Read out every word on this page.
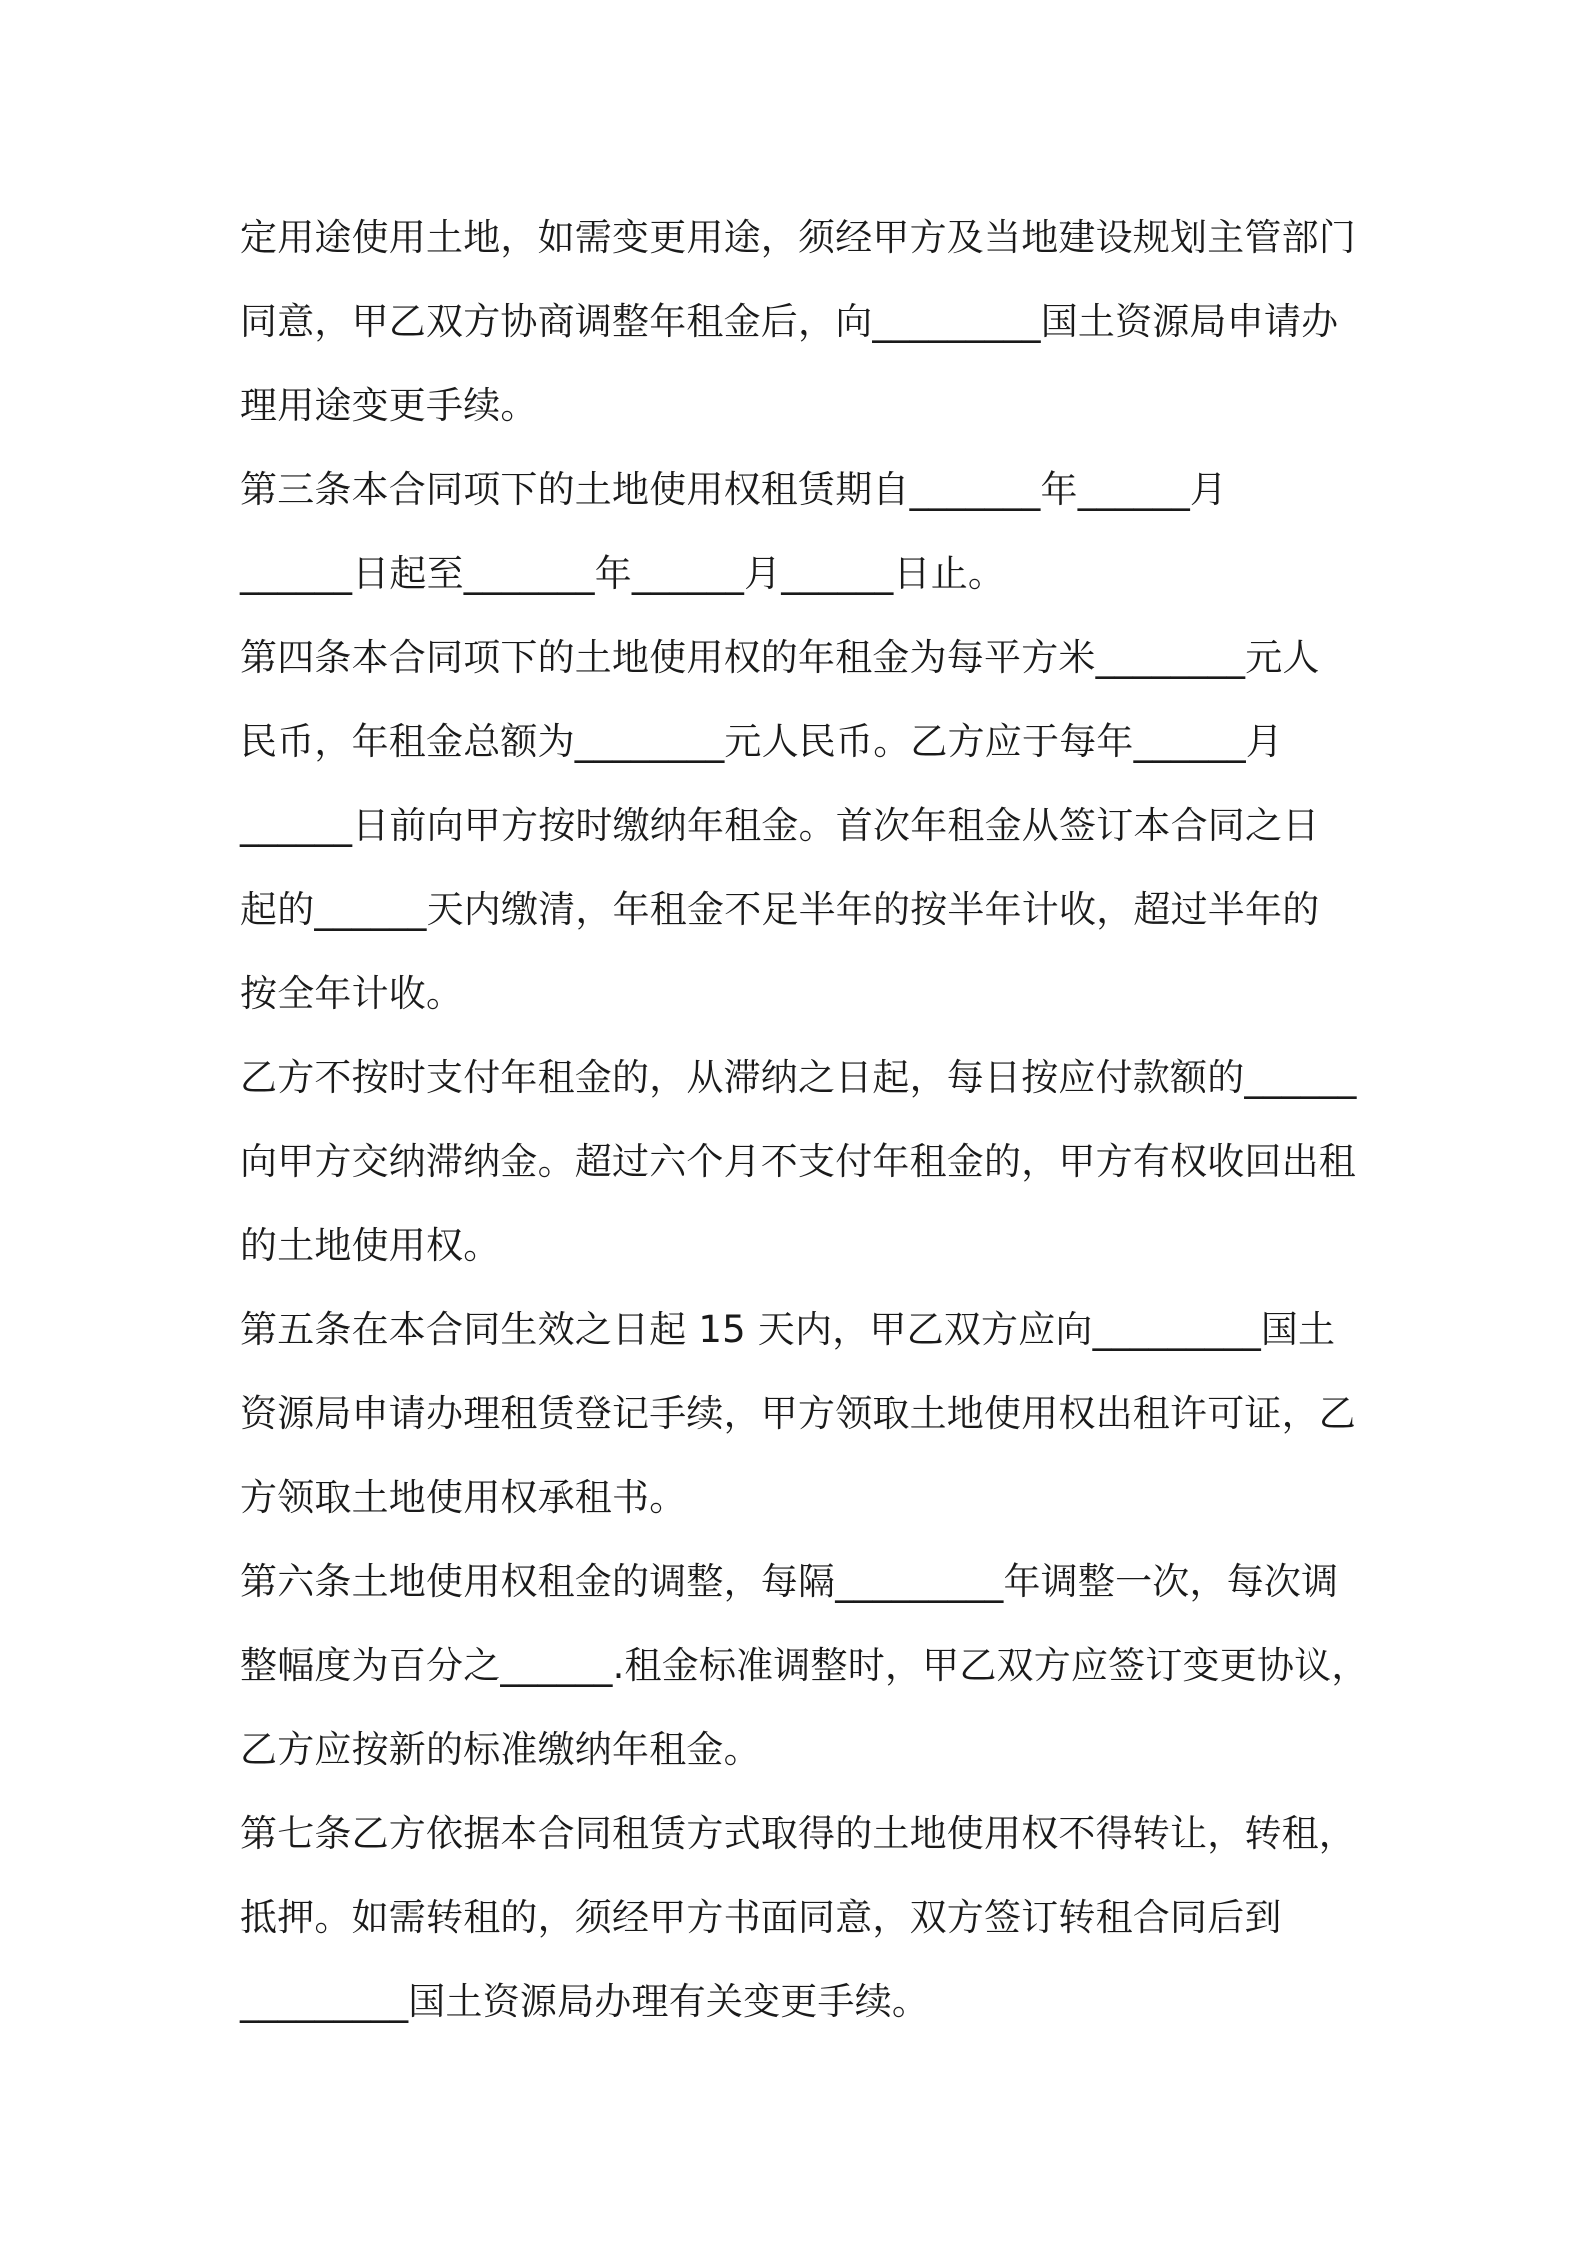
定用途使用土地，如需变更用途，须经甲方及当地建设规划主管部门
同意，甲乙双方协商调整年租金后，向_________国土资源局申请办
理用途变更手续。
第三条本合同项下的土地使用权租赁期自_______年______月
______日起至_______年______月______日止。
第四条本合同项下的土地使用权的年租金为每平方米________元人
民币，年租金总额为________元人民币。乙方应于每年______月
______日前向甲方按时缴纳年租金。首次年租金从签订本合同之日
起的______天内缴清，年租金不足半年的按半年计收，超过半年的
按全年计收。
乙方不按时支付年租金的，从滞纳之日起，每日按应付款额的______
向甲方交纳滞纳金。超过六个月不支付年租金的，甲方有权收回出租
的土地使用权。
第五条在本合同生效之日起 15 天内，甲乙双方应向_________国土
资源局申请办理租赁登记手续，甲方领取土地使用权出租许可证，乙
方领取土地使用权承租书。
第六条土地使用权租金的调整，每隔_________年调整一次，每次调
整幅度为百分之______.租金标准调整时，甲乙双方应签订变更协议，
乙方应按新的标准缴纳年租金。
第七条乙方依据本合同租赁方式取得的土地使用权不得转让，转租，
抵押。如需转租的，须经甲方书面同意，双方签订转租合同后到
_________国土资源局办理有关变更手续。
